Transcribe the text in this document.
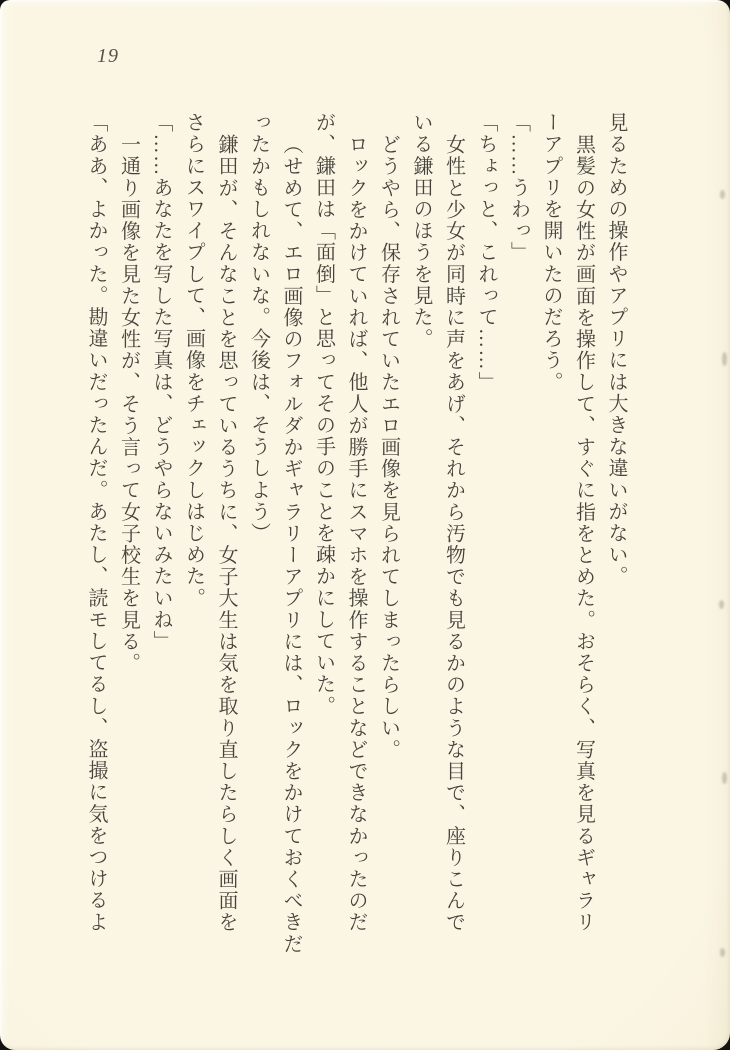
19
見るための操作やアプリには大きな違いがない。
黒髪の女性が画面を操作して、すぐに指をとめた。おそらく、写真を見るギャラリ
ーアプリを開いたのだろう。
「……うわっ」
「ちょっと、これって……」
女性と少女が同時に声をあげ、それから汚物でも見るかのような目で、座りこんで
いる鎌田のほうを見た。
どうやら、保存されていたエロ画像を見られてしまったらしい。
ロックをかけていれば、他人が勝手にスマホを操作することなどできなかったのだ
が、鎌田は「面倒」と思ってその手のことを疎かにしていた。
（せめて、エロ画像のフォルダかギャラリーアプリには、ロックをかけておくべきだ
ったかもしれないな。今後は、そうしよう）
鎌田が、そんなことを思っているうちに、女子大生は気を取り直したらしく画面を
さらにスワイプして、画像をチェックしはじめた。
「……あなたを写した写真は、どうやらないみたいね」
一通り画像を見た女性が、そう言って女子校生を見る。
「ああ、よかった。勘違いだったんだ。あたし、読モしてるし、盗撮に気をつけるよ
